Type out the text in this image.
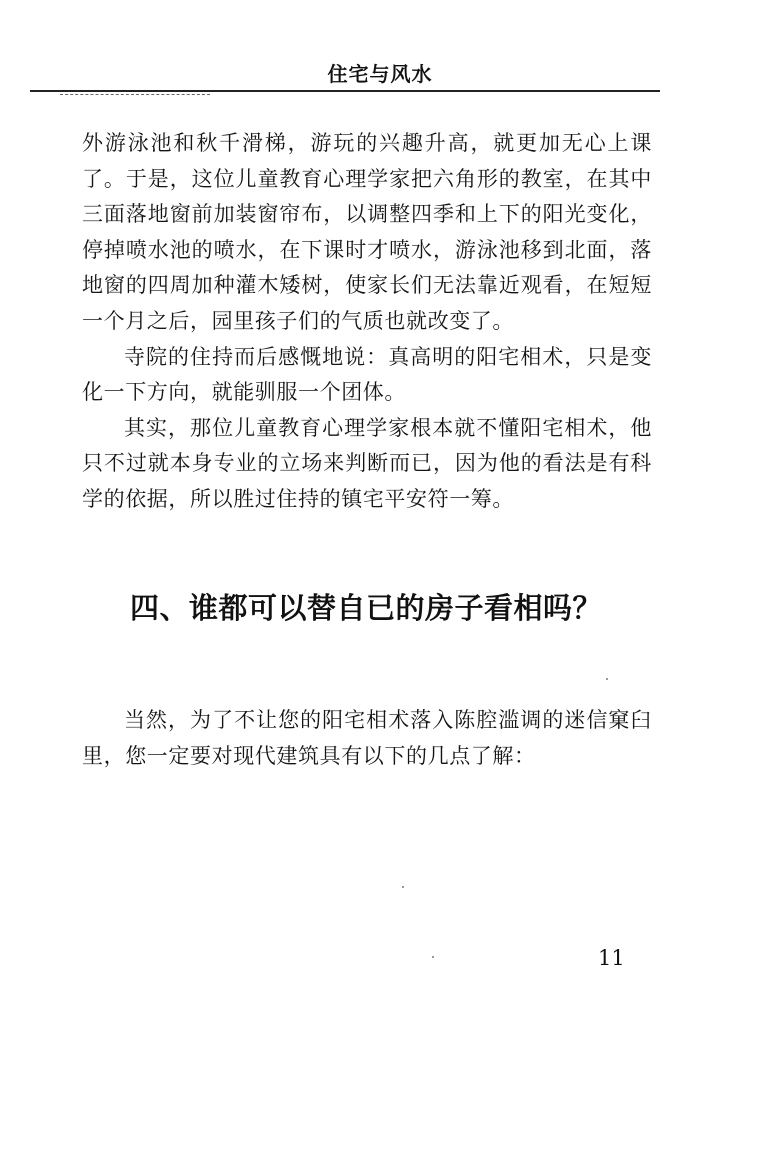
住宅与风水

外游泳池和秋千滑梯，游玩的兴趣升高，就更加无心上课了。于是，这位儿童教育心理学家把六角形的教室，在其中三面落地窗前加装窗帘布，以调整四季和上下的阳光变化，停掉喷水池的喷水，在下课时才喷水，游泳池移到北面，落地窗的四周加种灌木矮树，使家长们无法靠近观看，在短短一个月之后，园里孩子们的气质也就改变了。

寺院的住持而后感慨地说：真高明的阳宅相术，只是变化一下方向，就能驯服一个团体。

其实，那位儿童教育心理学家根本就不懂阳宅相术，他只不过就本身专业的立场来判断而已，因为他的看法是有科学的依据，所以胜过住持的镇宅平安符一筹。

四、谁都可以替自已的房子看相吗？

当然，为了不让您的阳宅相术落入陈腔滥调的迷信窠臼里，您一定要对现代建筑具有以下的几点了解：

11
